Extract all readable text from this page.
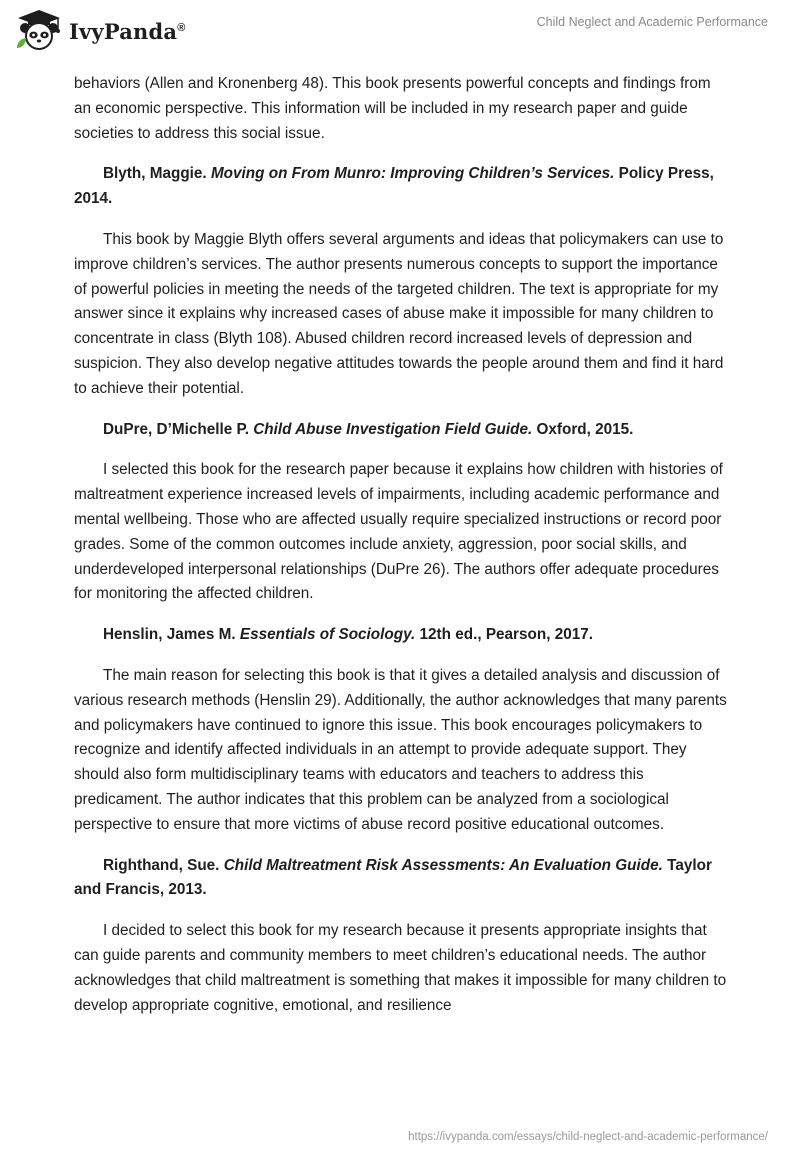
IvyPanda®	Child Neglect and Academic Performance

behaviors (Allen and Kronenberg 48). This book presents powerful concepts and findings from an economic perspective. This information will be included in my research paper and guide societies to address this social issue.

Blyth, Maggie. Moving on From Munro: Improving Children’s Services. Policy Press, 2014.

This book by Maggie Blyth offers several arguments and ideas that policymakers can use to improve children’s services. The author presents numerous concepts to support the importance of powerful policies in meeting the needs of the targeted children. The text is appropriate for my answer since it explains why increased cases of abuse make it impossible for many children to concentrate in class (Blyth 108). Abused children record increased levels of depression and suspicion. They also develop negative attitudes towards the people around them and find it hard to achieve their potential.

DuPre, D’Michelle P. Child Abuse Investigation Field Guide. Oxford, 2015.

I selected this book for the research paper because it explains how children with histories of maltreatment experience increased levels of impairments, including academic performance and mental wellbeing. Those who are affected usually require specialized instructions or record poor grades. Some of the common outcomes include anxiety, aggression, poor social skills, and underdeveloped interpersonal relationships (DuPre 26). The authors offer adequate procedures for monitoring the affected children.

Henslin, James M. Essentials of Sociology. 12th ed., Pearson, 2017.

The main reason for selecting this book is that it gives a detailed analysis and discussion of various research methods (Henslin 29). Additionally, the author acknowledges that many parents and policymakers have continued to ignore this issue. This book encourages policymakers to recognize and identify affected individuals in an attempt to provide adequate support. They should also form multidisciplinary teams with educators and teachers to address this predicament. The author indicates that this problem can be analyzed from a sociological perspective to ensure that more victims of abuse record positive educational outcomes.

Righthand, Sue. Child Maltreatment Risk Assessments: An Evaluation Guide. Taylor and Francis, 2013.

I decided to select this book for my research because it presents appropriate insights that can guide parents and community members to meet children’s educational needs. The author acknowledges that child maltreatment is something that makes it impossible for many children to develop appropriate cognitive, emotional, and resilience

https://ivypanda.com/essays/child-neglect-and-academic-performance/
